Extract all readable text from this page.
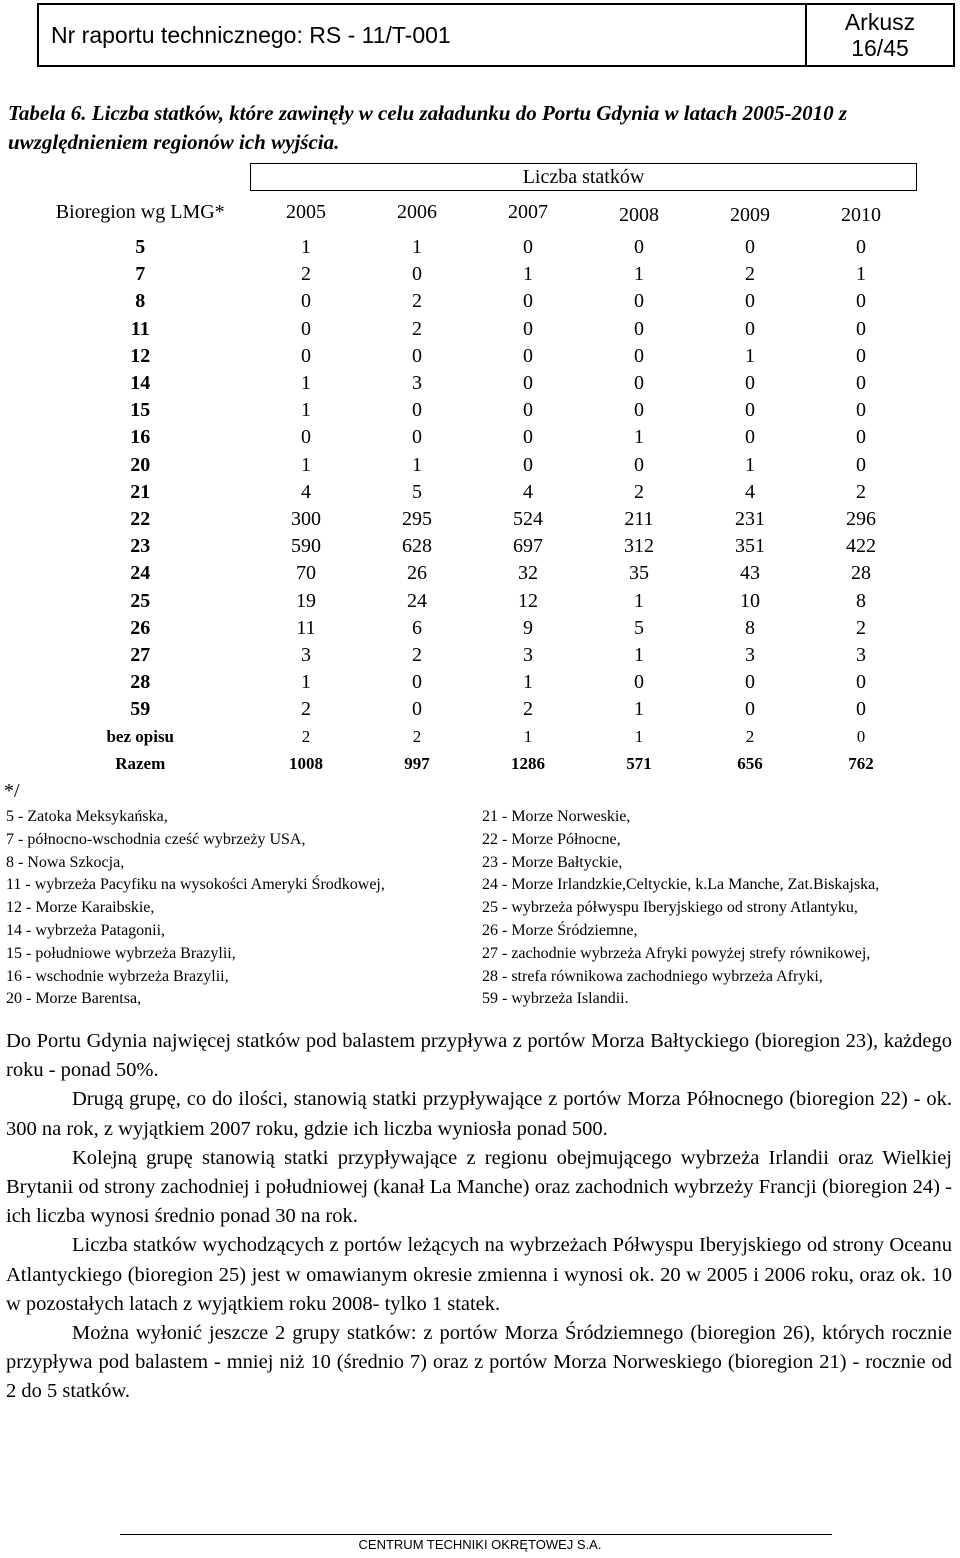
Nr raportu technicznego: RS - 11/T-001	Arkusz
16/45
Tabela 6. Liczba statków, które zawinęły w celu załadunku do Portu Gdynia w latach 2005-2010 z uwzględnieniem regionów ich wyjścia.
	Liczba statków					
Bioregion wg LMG*	2005	2006	2007	2008	2009	2010
5	1	1	0	0	0	0
7	2	0	1	1	2	1
8	0	2	0	0	0	0
11	0	2	0	0	0	0
12	0	0	0	0	1	0
14	1	3	0	0	0	0
15	1	0	0	0	0	0
16	0	0	0	1	0	0
20	1	1	0	0	1	0
21	4	5	4	2	4	2
22	300	295	524	211	231	296
23	590	628	697	312	351	422
24	70	26	32	35	43	28
25	19	24	12	1	10	8
26	11	6	9	5	8	2
27	3	2	3	1	3	3
28	1	0	1	0	0	0
59	2	0	2	1	0	0
bez opisu	2	2	1	1	2	0
Razem	1008	997	1286	571	656	762
*/
5 - Zatoka Meksykańska,
7 - północno-wschodnia cześć wybrzeży USA,
8 - Nowa Szkocja,
11 - wybrzeża Pacyfiku na wysokości Ameryki Środkowej,
12 - Morze Karaibskie,
14 - wybrzeża Patagonii,
15 - południowe wybrzeża Brazylii,
16 - wschodnie wybrzeża Brazylii,
20 - Morze Barentsa,
21 - Morze Norweskie,
22 - Morze Północne,
23 - Morze Bałtyckie,
24 - Morze Irlandzkie,Celtyckie, k.La Manche, Zat.Biskajska,
25 - wybrzeża półwyspu Iberyjskiego od strony Atlantyku,
26 - Morze Śródziemne,
27 - zachodnie wybrzeża Afryki powyżej strefy równikowej,
28 - strefa równikowa zachodniego wybrzeża Afryki,
59 - wybrzeża Islandii.

Do Portu Gdynia najwięcej statków pod balastem przypływa z portów Morza Bałtyckiego (bioregion 23), każdego roku - ponad 50%.

Drugą grupę, co do ilości, stanowią statki przypływające z portów Morza Północnego (bioregion 22) - ok. 300 na rok, z wyjątkiem 2007 roku, gdzie ich liczba wyniosła ponad 500.

Kolejną grupę stanowią statki przypływające z regionu obejmującego wybrzeża Irlandii oraz Wielkiej Brytanii od strony zachodniej i południowej (kanał La Manche) oraz zachodnich wybrzeży Francji (bioregion 24) - ich liczba wynosi średnio ponad 30 na rok.

Liczba statków wychodzących z portów leżących na wybrzeżach Półwyspu Iberyjskiego od strony Oceanu Atlantyckiego (bioregion 25) jest w omawianym okresie zmienna i wynosi ok. 20 w 2005 i 2006 roku, oraz ok. 10 w pozostałych latach z wyjątkiem roku 2008- tylko 1 statek.

Można wyłonić jeszcze 2 grupy statków: z portów Morza Śródziemnego (bioregion 26), których rocznie przypływa pod balastem - mniej niż 10 (średnio 7) oraz z portów Morza Norweskiego (bioregion 21) - rocznie od 2 do 5 statków.

CENTRUM TECHNIKI OKRĘTOWEJ S.A.
